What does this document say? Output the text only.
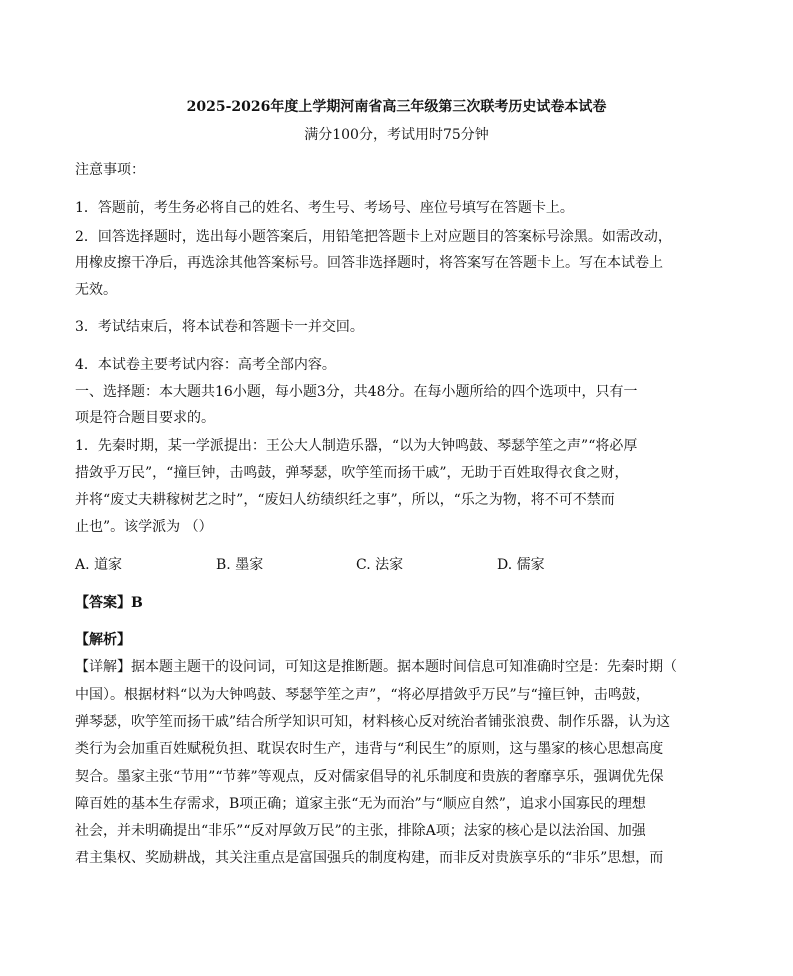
2025-2026年度上学期河南省高三年级第三次联考历史试卷本试卷
满分100分，考试用时75分钟
注意事项：
1．答题前，考生务必将自己的姓名、考生号、考场号、座位号填写在答题卡上。
2．回答选择题时，选出每小题答案后，用铅笔把答题卡上对应题目的答案标号涂黑。如需改动，
用橡皮擦干净后，再选涂其他答案标号。回答非选择题时，将答案写在答题卡上。写在本试卷上
无效。
3．考试结束后，将本试卷和答题卡一并交回。
4．本试卷主要考试内容：高考全部内容。
一、选择题：本大题共16小题，每小题3分，共48分。在每小题所给的四个选项中，只有一
项是符合题目要求的。
1．先秦时期，某一学派提出：王公大人制造乐器，“以为大钟鸣鼓、琴瑟竽笙之声”“将必厚
措敛乎万民”，“撞巨钟，击鸣鼓，弹琴瑟，吹竽笙而扬干戚”，无助于百姓取得衣食之财，
并将“废丈夫耕稼树艺之时”，“废妇人纺绩织纴之事”，所以，“乐之为物，将不可不禁而
止也”。该学派为 （）
A. 道家	B. 墨家	C. 法家	D. 儒家
【答案】B
【解析】
【详解】据本题主题干的设问词，可知这是推断题。据本题时间信息可知准确时空是：先秦时期（
中国）。根据材料“以为大钟鸣鼓、琴瑟竽笙之声”，“将必厚措敛乎万民”与“撞巨钟，击鸣鼓，
弹琴瑟，吹竽笙而扬干戚”结合所学知识可知，材料核心反对统治者铺张浪费、制作乐器，认为这
类行为会加重百姓赋税负担、耽误农时生产，违背与“利民生”的原则，这与墨家的核心思想高度
契合。墨家主张“节用”“节葬”等观点，反对儒家倡导的礼乐制度和贵族的奢靡享乐，强调优先保
障百姓的基本生存需求，B项正确；道家主张“无为而治”与“顺应自然”，追求小国寡民的理想
社会，并未明确提出“非乐”“反对厚敛万民”的主张，排除A项；法家的核心是以法治国、加强
君主集权、奖励耕战，其关注重点是富国强兵的制度构建，而非反对贵族享乐的“非乐”思想，而
